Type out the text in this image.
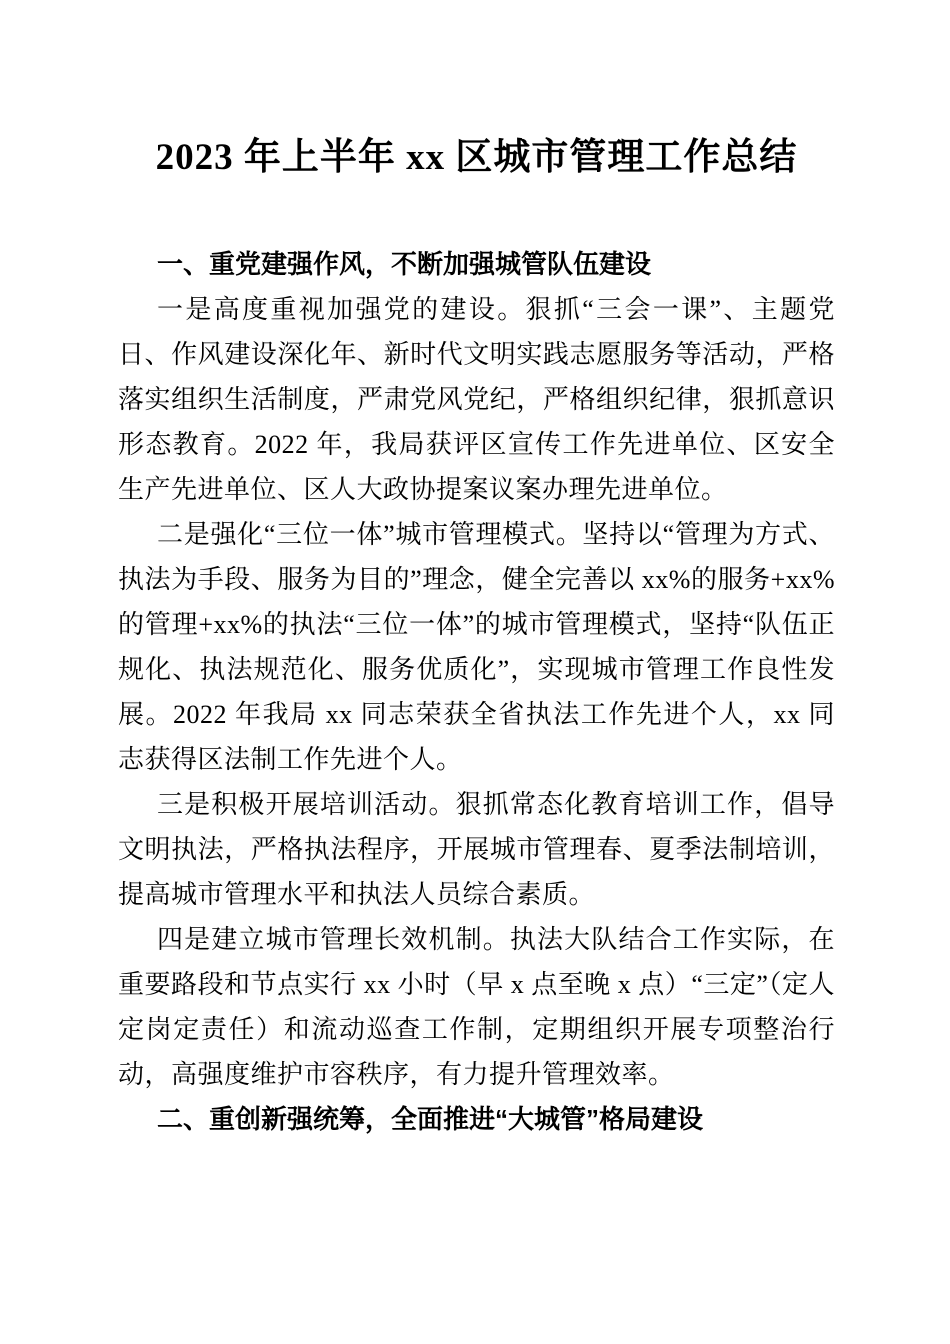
2023 年上半年 xx 区城市管理工作总结
一、重党建强作风，不断加强城管队伍建设

一是高度重视加强党的建设。狠抓“三会一课”、主题党日、作风建设深化年、新时代文明实践志愿服务等活动，严格落实组织生活制度，严肃党风党纪，严格组织纪律，狠抓意识形态教育。2022 年，我局获评区宣传工作先进单位、区安全生产先进单位、区人大政协提案议案办理先进单位。

二是强化“三位一体”城市管理模式。坚持以“管理为方式、执法为手段、服务为目的”理念，健全完善以 xx%的服务+xx%的管理+xx%的执法“三位一体”的城市管理模式，坚持“队伍正规化、执法规范化、服务优质化”，实现城市管理工作良性发展。2022 年我局 xx 同志荣获全省执法工作先进个人，xx 同志获得区法制工作先进个人。

三是积极开展培训活动。狠抓常态化教育培训工作，倡导文明执法，严格执法程序，开展城市管理春、夏季法制培训，提高城市管理水平和执法人员综合素质。

四是建立城市管理长效机制。执法大队结合工作实际，在重要路段和节点实行 xx 小时（早 x 点至晚 x 点）“三定”（定人定岗定责任）和流动巡查工作制，定期组织开展专项整治行动，高强度维护市容秩序，有力提升管理效率。

二、重创新强统筹，全面推进“大城管”格局建设
